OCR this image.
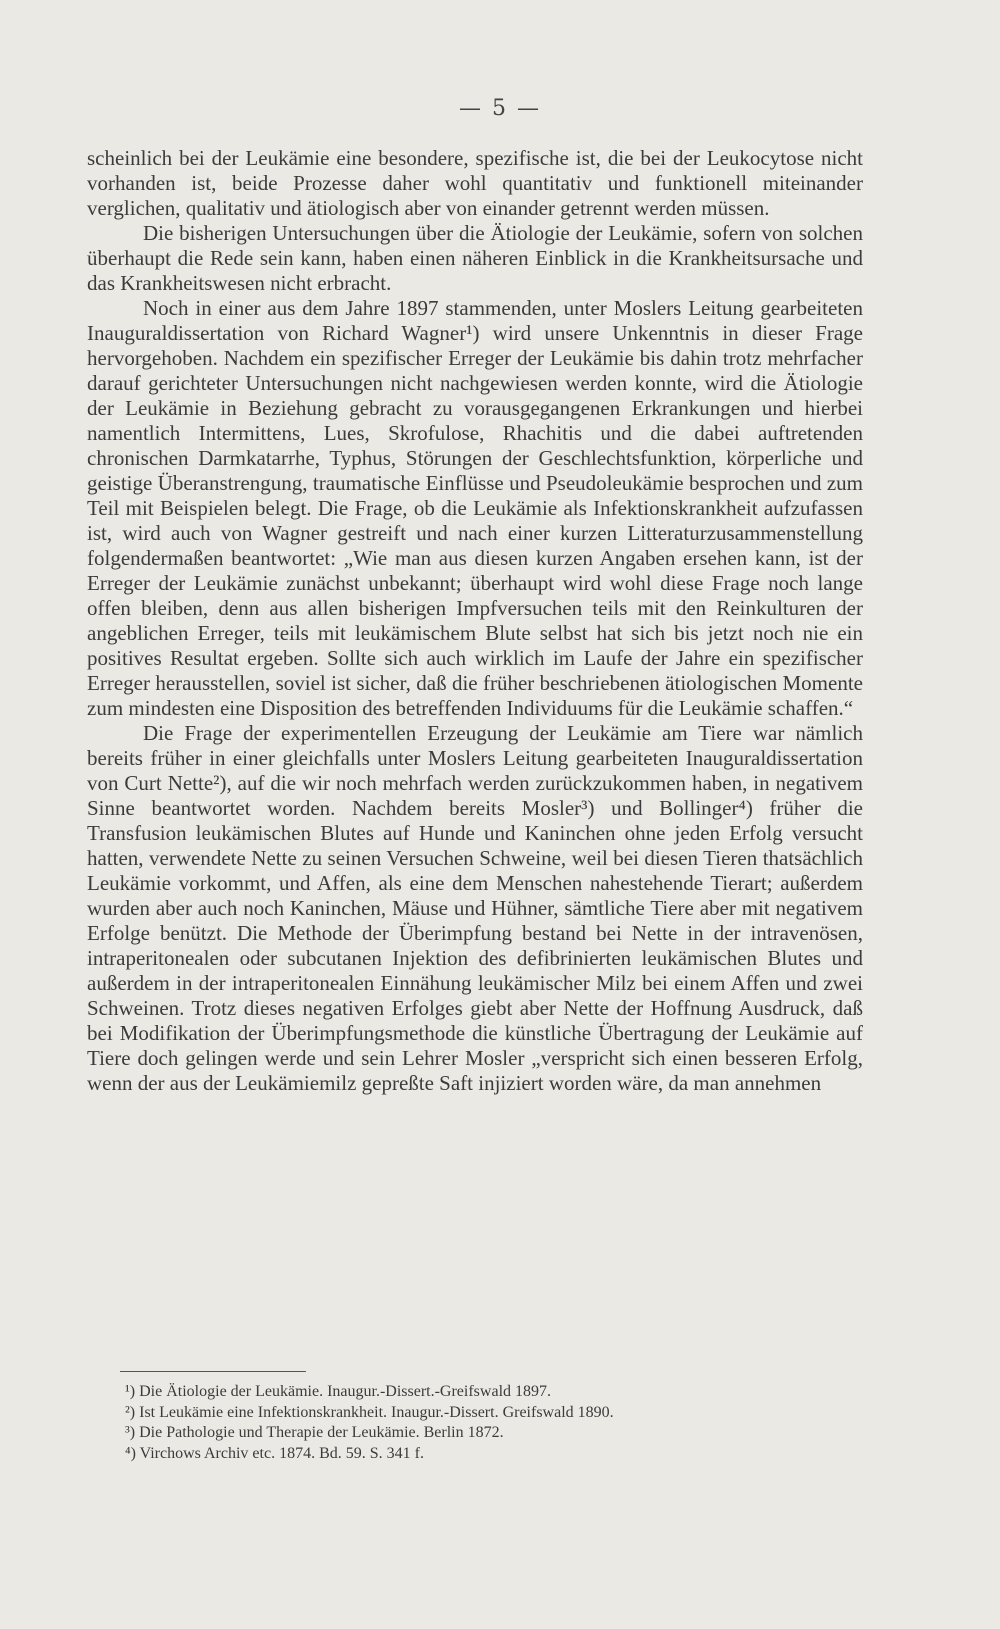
— 5 —

scheinlich bei der Leukämie eine besondere, spezifische ist, die bei der Leukocytose nicht vorhanden ist, beide Prozesse daher wohl quantitativ und funktionell miteinander verglichen, qualitativ und ätiologisch aber von einander getrennt werden müssen.

Die bisherigen Untersuchungen über die Ätiologie der Leukämie, sofern von solchen überhaupt die Rede sein kann, haben einen näheren Einblick in die Krankheitsursache und das Krankheitswesen nicht erbracht.

Noch in einer aus dem Jahre 1897 stammenden, unter Moslers Leitung gearbeiteten Inauguraldissertation von Richard Wagner¹) wird unsere Unkenntnis in dieser Frage hervorgehoben. Nachdem ein spezifischer Erreger der Leukämie bis dahin trotz mehrfacher darauf gerichteter Untersuchungen nicht nachgewiesen werden konnte, wird die Ätiologie der Leukämie in Beziehung gebracht zu vorausgegangenen Erkrankungen und hierbei namentlich Intermittens, Lues, Skrofulose, Rhachitis und die dabei auftretenden chronischen Darmkatarrhe, Typhus, Störungen der Geschlechtsfunktion, körperliche und geistige Überanstrengung, traumatische Einflüsse und Pseudoleukämie besprochen und zum Teil mit Beispielen belegt. Die Frage, ob die Leukämie als Infektionskrankheit aufzufassen ist, wird auch von Wagner gestreift und nach einer kurzen Litteraturzusammenstellung folgendermaßen beantwortet: „Wie man aus diesen kurzen Angaben ersehen kann, ist der Erreger der Leukämie zunächst unbekannt; überhaupt wird wohl diese Frage noch lange offen bleiben, denn aus allen bisherigen Impfversuchen teils mit den Reinkulturen der angeblichen Erreger, teils mit leukämischem Blute selbst hat sich bis jetzt noch nie ein positives Resultat ergeben. Sollte sich auch wirklich im Laufe der Jahre ein spezifischer Erreger herausstellen, soviel ist sicher, daß die früher beschriebenen ätiologischen Momente zum mindesten eine Disposition des betreffenden Individuums für die Leukämie schaffen.“

Die Frage der experimentellen Erzeugung der Leukämie am Tiere war nämlich bereits früher in einer gleichfalls unter Moslers Leitung gearbeiteten Inauguraldissertation von Curt Nette²), auf die wir noch mehrfach werden zurückzukommen haben, in negativem Sinne beantwortet worden. Nachdem bereits Mosler³) und Bollinger⁴) früher die Transfusion leukämischen Blutes auf Hunde und Kaninchen ohne jeden Erfolg versucht hatten, verwendete Nette zu seinen Versuchen Schweine, weil bei diesen Tieren thatsächlich Leukämie vorkommt, und Affen, als eine dem Menschen nahestehende Tierart; außerdem wurden aber auch noch Kaninchen, Mäuse und Hühner, sämtliche Tiere aber mit negativem Erfolge benützt. Die Methode der Überimpfung bestand bei Nette in der intravenösen, intraperitonealen oder subcutanen Injektion des defibrinierten leukämischen Blutes und außerdem in der intraperitonealen Einnähung leukämischer Milz bei einem Affen und zwei Schweinen. Trotz dieses negativen Erfolges giebt aber Nette der Hoffnung Ausdruck, daß bei Modifikation der Überimpfungsmethode die künstliche Übertragung der Leukämie auf Tiere doch gelingen werde und sein Lehrer Mosler „verspricht sich einen besseren Erfolg, wenn der aus der Leukämiemilz gepreßte Saft injiziert worden wäre, da man annehmen

¹) Die Ätiologie der Leukämie. Inaugur.-Dissert.-Greifswald 1897.
²) Ist Leukämie eine Infektionskrankheit. Inaugur.-Dissert. Greifswald 1890.
³) Die Pathologie und Therapie der Leukämie. Berlin 1872.
⁴) Virchows Archiv etc. 1874. Bd. 59. S. 341 f.
